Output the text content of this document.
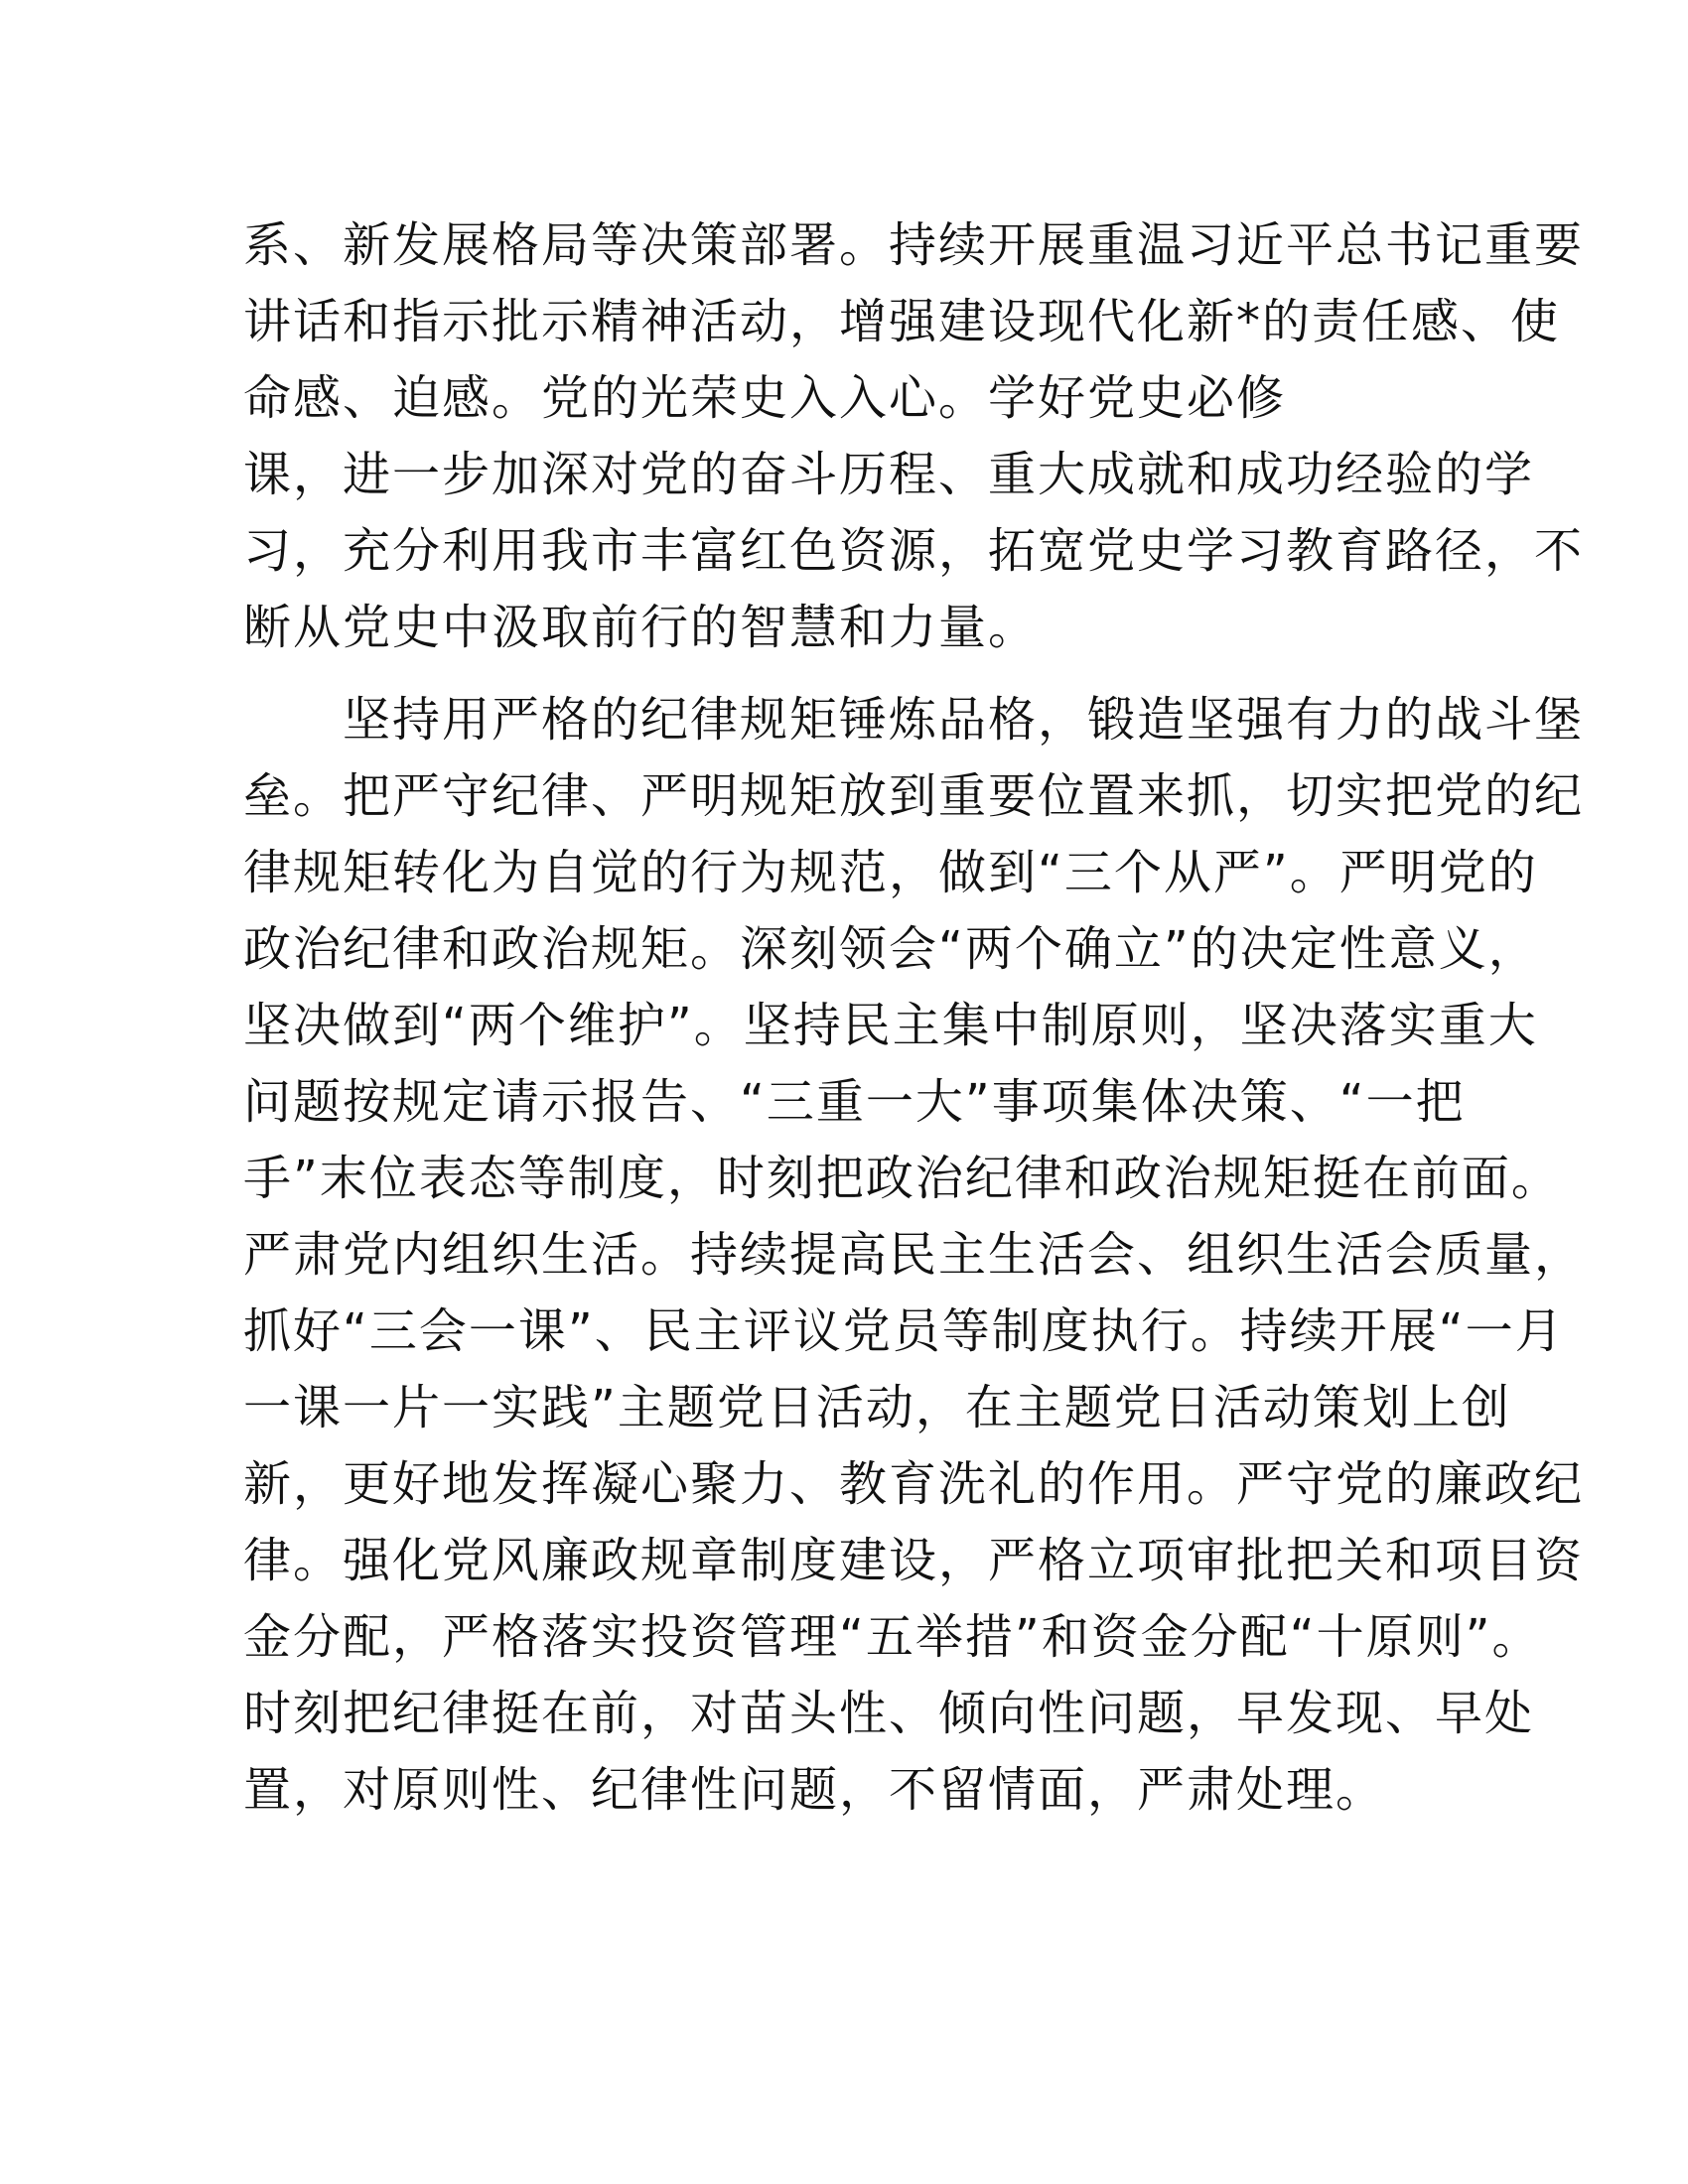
系、新发展格局等决策部署。持续开展重温习近平总书记重要
讲话和指示批示精神活动，增强建设现代化新*的责任感、使
命感、迫感。党的光荣史入入心。学好党史必修
课，进一步加深对党的奋斗历程、重大成就和成功经验的学
习，充分利用我市丰富红色资源，拓宽党史学习教育路径，不
断从党史中汲取前行的智慧和力量。
坚持用严格的纪律规矩锤炼品格，锻造坚强有力的战斗堡
垒。把严守纪律、严明规矩放到重要位置来抓，切实把党的纪
律规矩转化为自觉的行为规范，做到“三个从严”。严明党的
政治纪律和政治规矩。深刻领会“两个确立”的决定性意义，
坚决做到“两个维护”。坚持民主集中制原则，坚决落实重大
问题按规定请示报告、“三重一大”事项集体决策、“一把
手”末位表态等制度，时刻把政治纪律和政治规矩挺在前面。
严肃党内组织生活。持续提高民主生活会、组织生活会质量，
抓好“三会一课”、民主评议党员等制度执行。持续开展“一月
一课一片一实践”主题党日活动，在主题党日活动策划上创
新，更好地发挥凝心聚力、教育洗礼的作用。严守党的廉政纪
律。强化党风廉政规章制度建设，严格立项审批把关和项目资
金分配，严格落实投资管理“五举措”和资金分配“十原则”。
时刻把纪律挺在前，对苗头性、倾向性问题，早发现、早处
置，对原则性、纪律性问题，不留情面，严肃处理。
